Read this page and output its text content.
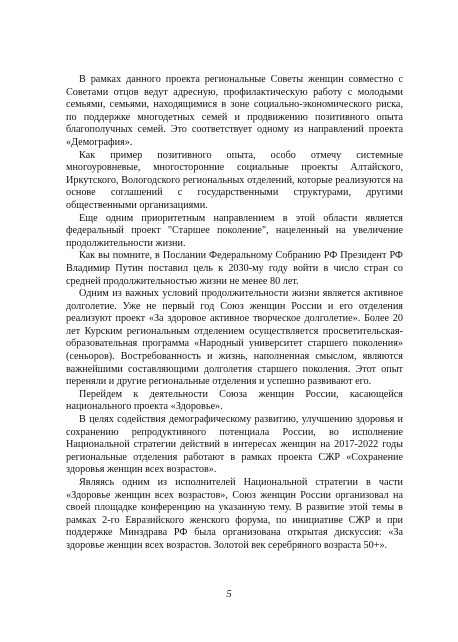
В рамках данного проекта региональные Советы женщин совместно с Советами отцов ведут адресную, профилактическую работу с молодыми семьями, семьями, находящимися в зоне социально-экономического риска, по поддержке многодетных семей и продвижению позитивного опыта благополучных семей. Это соответствует одному из направлений проекта «Демография».

Как пример позитивного опыта, особо отмечу системные многоуровневые, многосторонние социальные проекты Алтайского, Иркутского, Вологодского региональных отделений, которые реализуются на основе соглашений с государственными структурами, другими общественными организациями.

Еще одним приоритетным направлением в этой области является федеральный проект "Старшее поколение", нацеленный на увеличение продолжительности жизни.

Как вы помните, в Послании Федеральному Собранию РФ Президент РФ Владимир Путин поставил цель к 2030-му году войти в число стран со средней продолжительностью жизни не менее 80 лет.

Одним из важных условий продолжительности жизни является активное долголетие. Уже не первый год Союз женщин России и его отделения реализуют проект «За здоровое активное творческое долголетие». Более 20 лет Курским региональным отделением осуществляется просветительская-образовательная программа «Народный университет старшего поколения» (сеньоров). Востребованность и жизнь, наполненная смыслом, являются важнейшими составляющими долголетия старшего поколения. Этот опыт переняли и другие региональные отделения и успешно развивают его.

Перейдем к деятельности Союза женщин России, касающейся национального проекта «Здоровье».

В целях содействия демографическому развитию, улучшению здоровья и сохранению репродуктивного потенциала России, во исполнение Национальной стратегии действий в интересах женщин на 2017-2022 годы региональные отделения работают в рамках проекта СЖР «Сохранение здоровья женщин всех возрастов».

Являясь одним из исполнителей Национальной стратегии в части «Здоровье женщин всех возрастов», Союз женщин России организовал на своей площадке конференцию на указанную тему. В развитие этой темы в рамках 2-го Евразийского женского форума, по инициативе СЖР и при поддержке Минздрава РФ была организована открытая дискуссия: «За здоровье женщин всех возрастов. Золотой век серебряного возраста 50+».

5
